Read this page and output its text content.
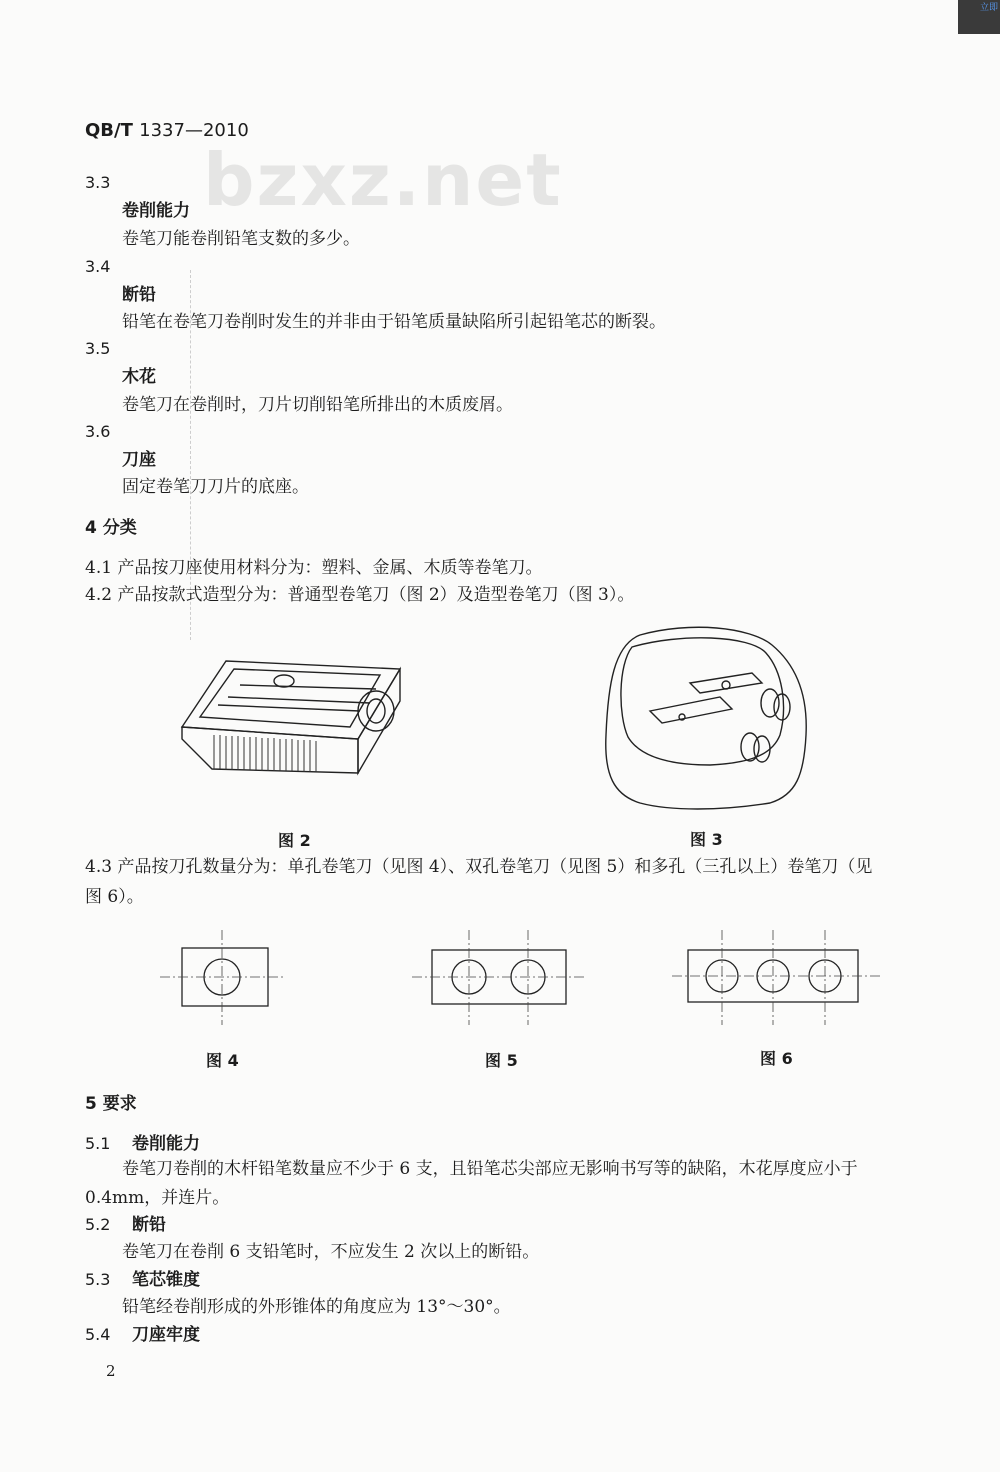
立即
bzxz.net
QB/T 1337—2010
3.3
卷削能力
卷笔刀能卷削铅笔支数的多少。
3.4
断铅
铅笔在卷笔刀卷削时发生的并非由于铅笔质量缺陷所引起铅笔芯的断裂。
3.5
木花
卷笔刀在卷削时，刀片切削铅笔所排出的木质废屑。
3.6
刀座
固定卷笔刀刀片的底座。
4 分类
4.1 产品按刀座使用材料分为：塑料、金属、木质等卷笔刀。
4.2 产品按款式造型分为：普通型卷笔刀（图 2）及造型卷笔刀（图 3）。
图 2	图 3
4.3 产品按刀孔数量分为：单孔卷笔刀（见图 4）、双孔卷笔刀（见图 5）和多孔（三孔以上）卷笔刀（见
图 6）。
图 4	图 5	图 6
5 要求
5.1 卷削能力
卷笔刀卷削的木杆铅笔数量应不少于 6 支，且铅笔芯尖部应无影响书写等的缺陷，木花厚度应小于
0.4mm，并连片。
5.2 断铅
卷笔刀在卷削 6 支铅笔时，不应发生 2 次以上的断铅。
5.3 笔芯锥度
铅笔经卷削形成的外形锥体的角度应为 13°～30°。
5.4 刀座牢度
2
